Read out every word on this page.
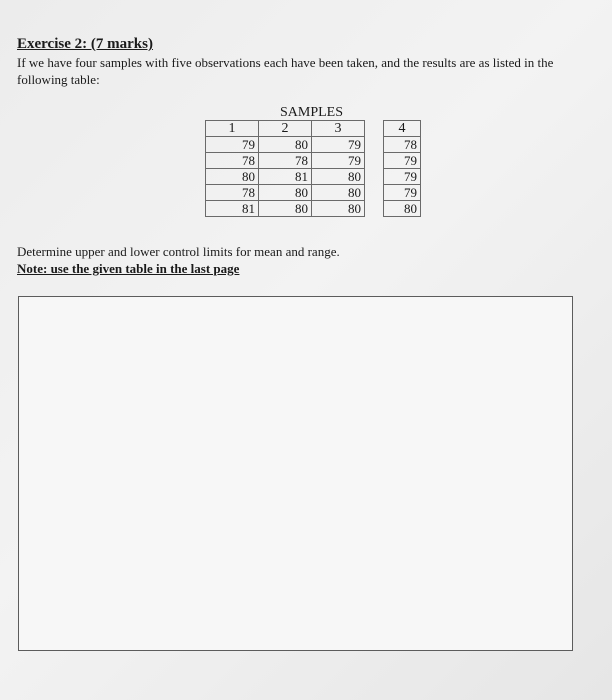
Exercise 2: (7 marks)
If we have four samples with five observations each have been taken, and the results are as listed in the following table:
	SAMPLES				
1	2	3		4	
79	80	79		78	
78	78	79		79	
80	81	80		79	
78	80	80		79	
81	80	80		80	
Determine upper and lower control limits for mean and range.
Note: use the given table in the last page
